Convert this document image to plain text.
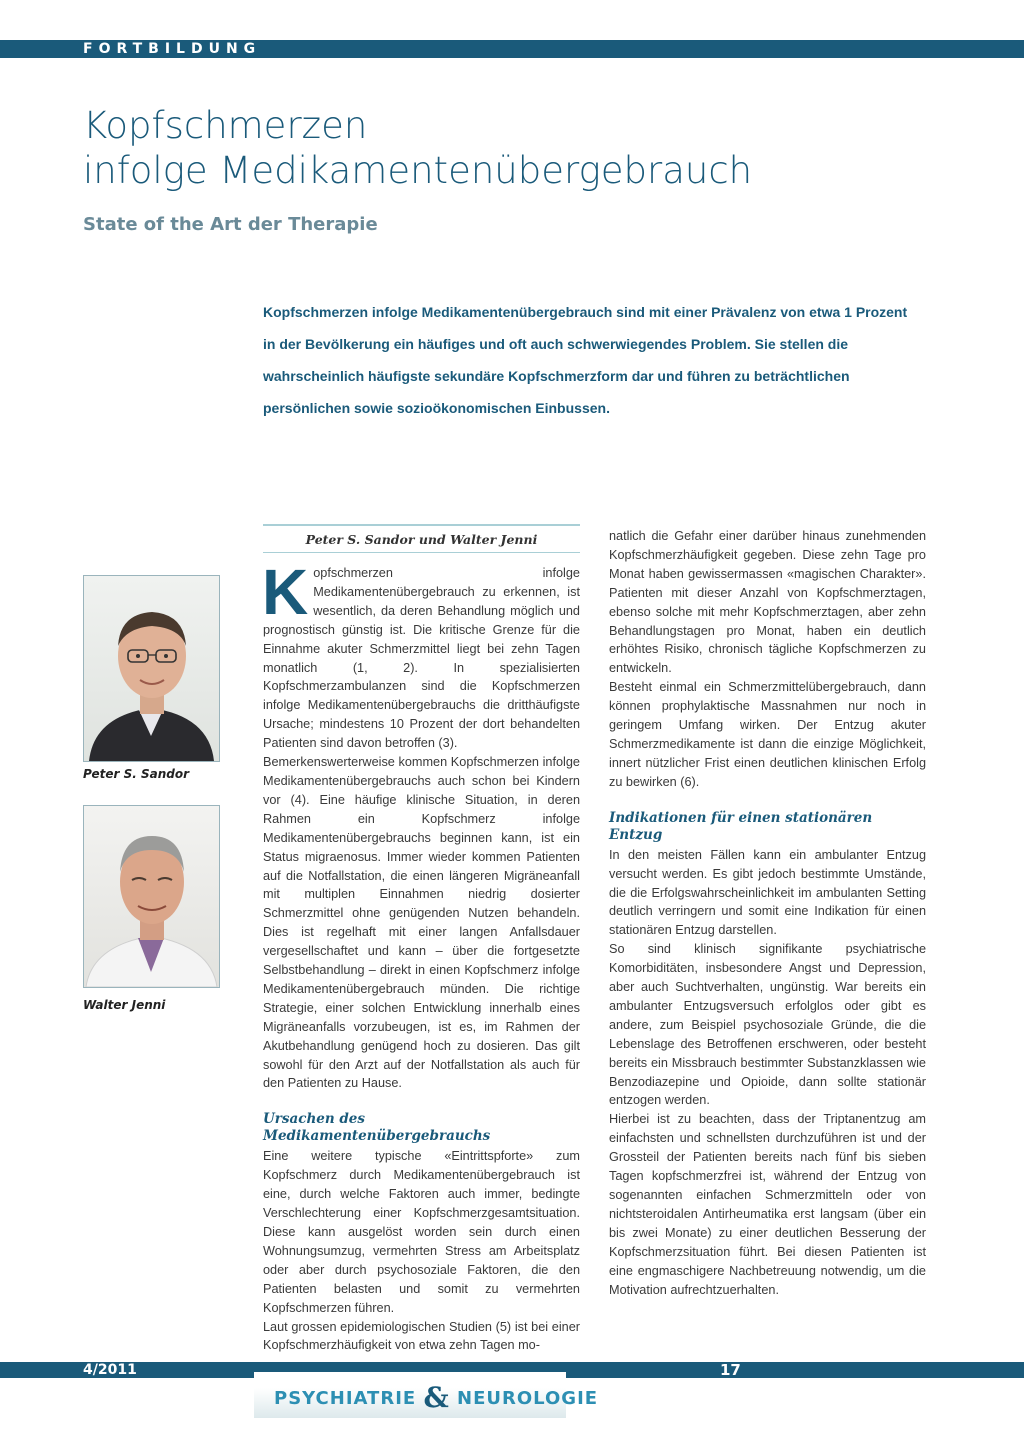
FORTBILDUNG
Kopfschmerzen
infolge Medikamentenübergebrauch
State of the Art der Therapie
Kopfschmerzen infolge Medikamentenübergebrauch sind mit einer Prävalenz von etwa 1 Prozent in der Bevölkerung ein häufiges und oft auch schwerwiegendes Problem. Sie stellen die wahrscheinlich häufigste sekundäre Kopfschmerzform dar und führen zu beträchtlichen persönlichen sowie sozioökonomischen Einbussen.
Peter S. Sandor und Walter Jenni
Peter S. Sandor
Walter Jenni

Kopfschmerzen infolge Medikamentenübergebrauch zu erkennen, ist wesentlich, da deren Behandlung möglich und prognostisch günstig ist. Die kritische Grenze für die Einnahme akuter Schmerzmittel liegt bei zehn Tagen monatlich (1, 2). In spezialisierten Kopfschmerzambulanzen sind die Kopfschmerzen infolge Medikamentenübergebrauchs die dritthäufigste Ursache; mindestens 10 Prozent der dort behandelten Patienten sind davon betroffen (3).

Bemerkenswerterweise kommen Kopfschmerzen infolge Medikamentenübergebrauchs auch schon bei Kindern vor (4). Eine häufige klinische Situation, in deren Rahmen ein Kopfschmerz infolge Medikamentenübergebrauchs beginnen kann, ist ein Status migraenosus. Immer wieder kommen Patienten auf die Notfallstation, die einen längeren Migräneanfall mit multiplen Einnahmen niedrig dosierter Schmerzmittel ohne genügenden Nutzen behandeln. Dies ist regelhaft mit einer langen Anfallsdauer vergesellschaftet und kann – über die fortgesetzte Selbstbehandlung – direkt in einen Kopfschmerz infolge Medikamentenübergebrauch münden. Die richtige Strategie, einer solchen Entwicklung innerhalb eines Migräneanfalls vorzubeugen, ist es, im Rahmen der Akutbehandlung genügend hoch zu dosieren. Das gilt sowohl für den Arzt auf der Notfallstation als auch für den Patienten zu Hause.

Ursachen des Medikamentenübergebrauchs

Eine weitere typische «Eintrittspforte» zum Kopfschmerz durch Medikamentenübergebrauch ist eine, durch welche Faktoren auch immer, bedingte Verschlechterung einer Kopfschmerzgesamtsituation. Diese kann ausgelöst worden sein durch einen Wohnungsumzug, vermehrten Stress am Arbeitsplatz oder aber durch psychosoziale Faktoren, die den Patienten belasten und somit zu vermehrten Kopfschmerzen führen.

Laut grossen epidemiologischen Studien (5) ist bei einer Kopfschmerzhäufigkeit von etwa zehn Tagen mo-

natlich die Gefahr einer darüber hinaus zunehmenden Kopfschmerzhäufigkeit gegeben. Diese zehn Tage pro Monat haben gewissermassen «magischen Charakter». Patienten mit dieser Anzahl von Kopfschmerztagen, ebenso solche mit mehr Kopfschmerztagen, aber zehn Behandlungstagen pro Monat, haben ein deutlich erhöhtes Risiko, chronisch tägliche Kopfschmerzen zu entwickeln.

Besteht einmal ein Schmerzmittelübergebrauch, dann können prophylaktische Massnahmen nur noch in geringem Umfang wirken. Der Entzug akuter Schmerzmedikamente ist dann die einzige Möglichkeit, innert nützlicher Frist einen deutlichen klinischen Erfolg zu bewirken (6).

Indikationen für einen stationären Entzug

In den meisten Fällen kann ein ambulanter Entzug versucht werden. Es gibt jedoch bestimmte Umstände, die die Erfolgswahrscheinlichkeit im ambulanten Setting deutlich verringern und somit eine Indikation für einen stationären Entzug darstellen.

So sind klinisch signifikante psychiatrische Komorbiditäten, insbesondere Angst und Depression, aber auch Suchtverhalten, ungünstig. War bereits ein ambulanter Entzugsversuch erfolglos oder gibt es andere, zum Beispiel psychosoziale Gründe, die die Lebenslage des Betroffenen erschweren, oder besteht bereits ein Missbrauch bestimmter Substanzklassen wie Benzodiazepine und Opioide, dann sollte stationär entzogen werden.

Hierbei ist zu beachten, dass der Triptanentzug am einfachsten und schnellsten durchzuführen ist und der Grossteil der Patienten bereits nach fünf bis sieben Tagen kopfschmerzfrei ist, während der Entzug von sogenannten einfachen Schmerzmitteln oder von nichtsteroidalen Antirheumatika erst langsam (über ein bis zwei Monate) zu einer deutlichen Besserung der Kopfschmerzsituation führt. Bei diesen Patienten ist eine engmaschigere Nachbetreuung notwendig, um die Motivation aufrechtzuerhalten.

4/2011	17
PSYCHIATRIE & NEUROLOGIE
